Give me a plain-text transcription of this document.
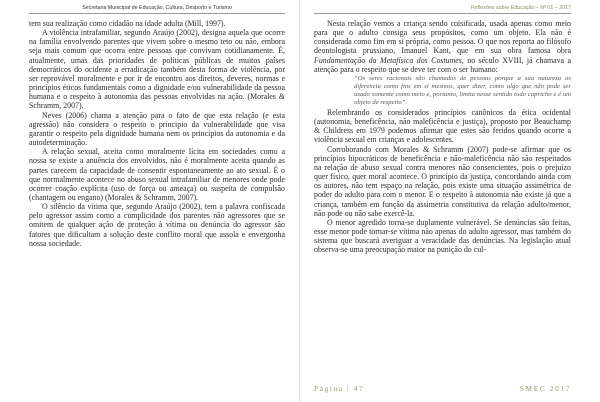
Secretaria Municipal de Educação, Cultura, Desporto e Turismo

tem sua realização como cidadão na idade adulta (Mill, 1997).

A violência intrafamiliar, segundo Araújo (2002), designa aquela que ocorre na família envolvendo parentes que vivem sobre o mesmo teto ou não, embora seja mais comum que ocorra entre pessoas que convivam cotidianamente. É, atualmente, umas das prioridades de políticas públicas de muitos países democráticos do ocidente a erradicação também desta forma de violência, por ser reprovável moralmente e por ir de encontro aos direitos, deveres, normas e princípios éticos fundamentais como a dignidade e/ou vulnerabilidade da pessoa humana e o respeito à autonomia das pessoas envolvidas na ação. (Morales & Schramm, 2007).

Neves (2006) chama a atenção para o fato de que esta relação (e esta agressão) não considera o respeito o principio da vulnerabilidade que visa garantir o respeito pela dignidade humana nem os princípios da autonomia e da autodeterminação.

A relação sexual, aceita como moralmente lícita em sociedades como a nossa se existe a anuência dos envolvidos, não é moralmente aceita quando as partes carecem da capacidade de consentir espontaneamente ao ato sexual. É o que normalmente acontece no abuso sexual intrafamiliar de menores onde pode ocorrer coação explícita (uso de força ou ameaça) ou suspeita de compulsão (chantagem ou engano) (Morales & Schramm, 2007).

O silêncio da vítima que, segundo Araújo (2002), tem a palavra confiscada pelo agressor assim como a cumplicidade dos parentes não agressores que se omitem de qualquer ação de proteção à vítima ou denúncia do agressor são fatores que dificultam a solução deste conflito moral que assola e envergonha nossa sociedade.

Reflexões sobre Educação – Nº 01 – 2017

Nesta relação vemos a criança sendo coisificada, usada apenas como meio para que o adulto consiga seus propósitos, como um objeto. Ela não é considerada como fim em si própria, como pessoa. O que nos reporta ao filósofo deontologista prussiano, Imanuel Kant, que em sua obra famosa obra Fundamentação da Metafísica dos Costumes, no século XVIII, já chamava a atenção para o respeito que se deve ter com o ser humano:

“Os seres racionais são chamados de pessoas porque a sua natureza os diferencia como fins em si mesmos, quer dizer, como algo que não pode ser usado somente como meio e, portanto, limita nesse sentido todo capricho e é um objeto de respeito”.

Relembrando os considerados princípios canônicos da ética ocidental (autonomia, beneficência, não maleficência e justiça), proposto por Beauchamp & Childress em 1979 podemos afirmar que estes são feridos quando ocorre a violência sexual em crianças e adolescentes.

Corroborando com Morales & Schramm (2007) pode-se afirmar que os princípios hipocráticos de beneficência e não-maleficência não são respeitados na relação de abuso sexual contra menores não consencientes, pois o prejuízo quer físico, quer moral acontece. O princípio da justiça, concordando ainda com os autores, não tem espaço na relação, pois existe uma situação assimétrica de poder do adulto para com o menor. E o respeito à autonomia não existe já que a criança, também em função da assimetria constitutiva da relação adulto/menor, não pode ou não sabe exercê-la.

O menor agredido torna-se duplamente vulnerável. Se denúncias são feitas, esse menor pode tornar-se vítima não apenas do adulto agressor, mas também do sistema que buscará averiguar a veracidade das denúncias. Na legislação atual observa-se uma preocupação maior na punição do cul-

Página | 47	SMEC 2017
